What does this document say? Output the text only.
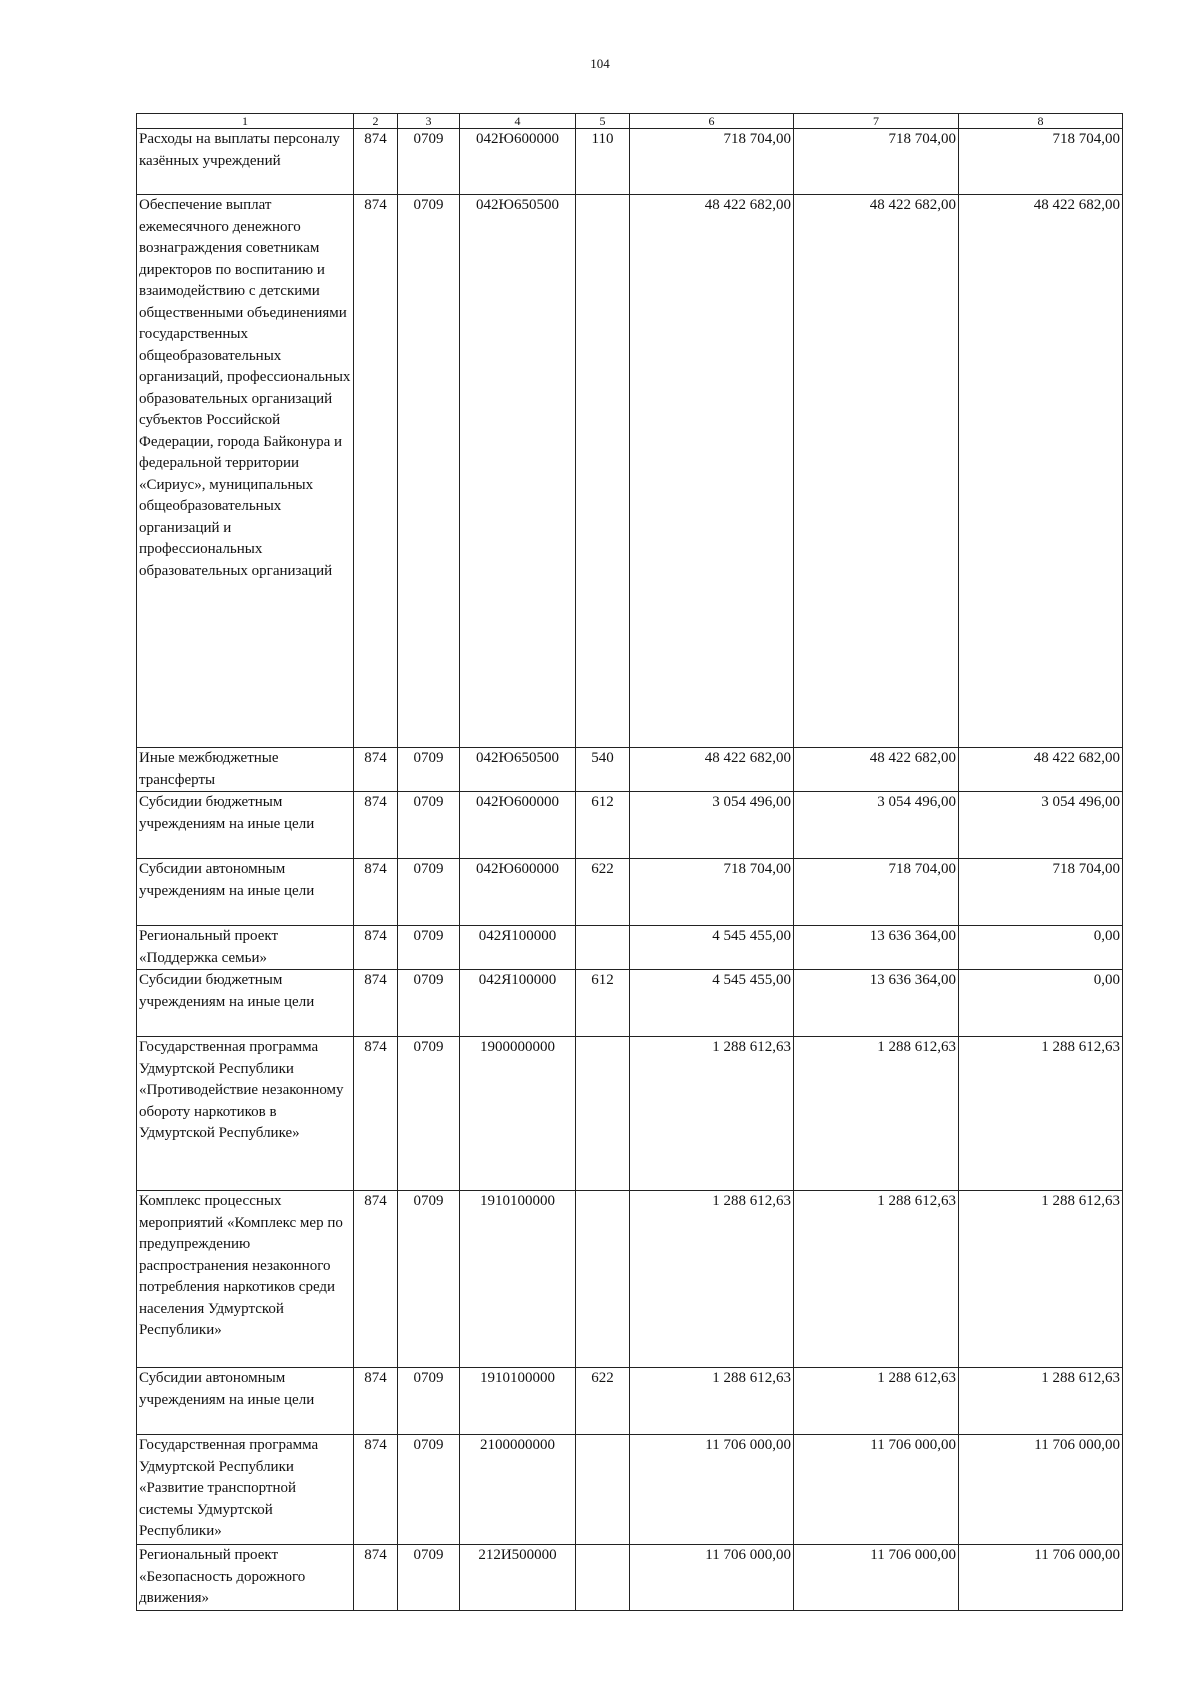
104
1	2	3	4	5	6	7	8
Расходы на выплаты персоналу казённых учреждений	874	0709	042Ю600000	110	718 704,00	718 704,00	718 704,00
Обеспечение выплат ежемесячного денежного вознаграждения советникам директоров по воспитанию и взаимодействию с детскими общественными объединениями государственных общеобразовательных организаций, профессиональных образовательных организаций субъектов Российской Федерации, города Байконура и федеральной территории «Сириус», муниципальных общеобразовательных организаций и профессиональных образовательных организаций	874	0709	042Ю650500		48 422 682,00	48 422 682,00	48 422 682,00
Иные межбюджетные трансферты	874	0709	042Ю650500	540	48 422 682,00	48 422 682,00	48 422 682,00
Субсидии бюджетным учреждениям на иные цели	874	0709	042Ю600000	612	3 054 496,00	3 054 496,00	3 054 496,00
Субсидии автономным учреждениям на иные цели	874	0709	042Ю600000	622	718 704,00	718 704,00	718 704,00
Региональный проект «Поддержка семьи»	874	0709	042Я100000		4 545 455,00	13 636 364,00	0,00
Субсидии бюджетным учреждениям на иные цели	874	0709	042Я100000	612	4 545 455,00	13 636 364,00	0,00
Государственная программа Удмуртской Республики «Противодействие незаконному обороту наркотиков в Удмуртской Республике»	874	0709	1900000000		1 288 612,63	1 288 612,63	1 288 612,63
Комплекс процессных мероприятий «Комплекс мер по предупреждению распространения незаконного потребления наркотиков среди населения Удмуртской Республики»	874	0709	1910100000		1 288 612,63	1 288 612,63	1 288 612,63
Субсидии автономным учреждениям на иные цели	874	0709	1910100000	622	1 288 612,63	1 288 612,63	1 288 612,63
Государственная программа Удмуртской Республики «Развитие транспортной системы Удмуртской Республики»	874	0709	2100000000		11 706 000,00	11 706 000,00	11 706 000,00
Региональный проект «Безопасность дорожного движения»	874	0709	212И500000		11 706 000,00	11 706 000,00	11 706 000,00
